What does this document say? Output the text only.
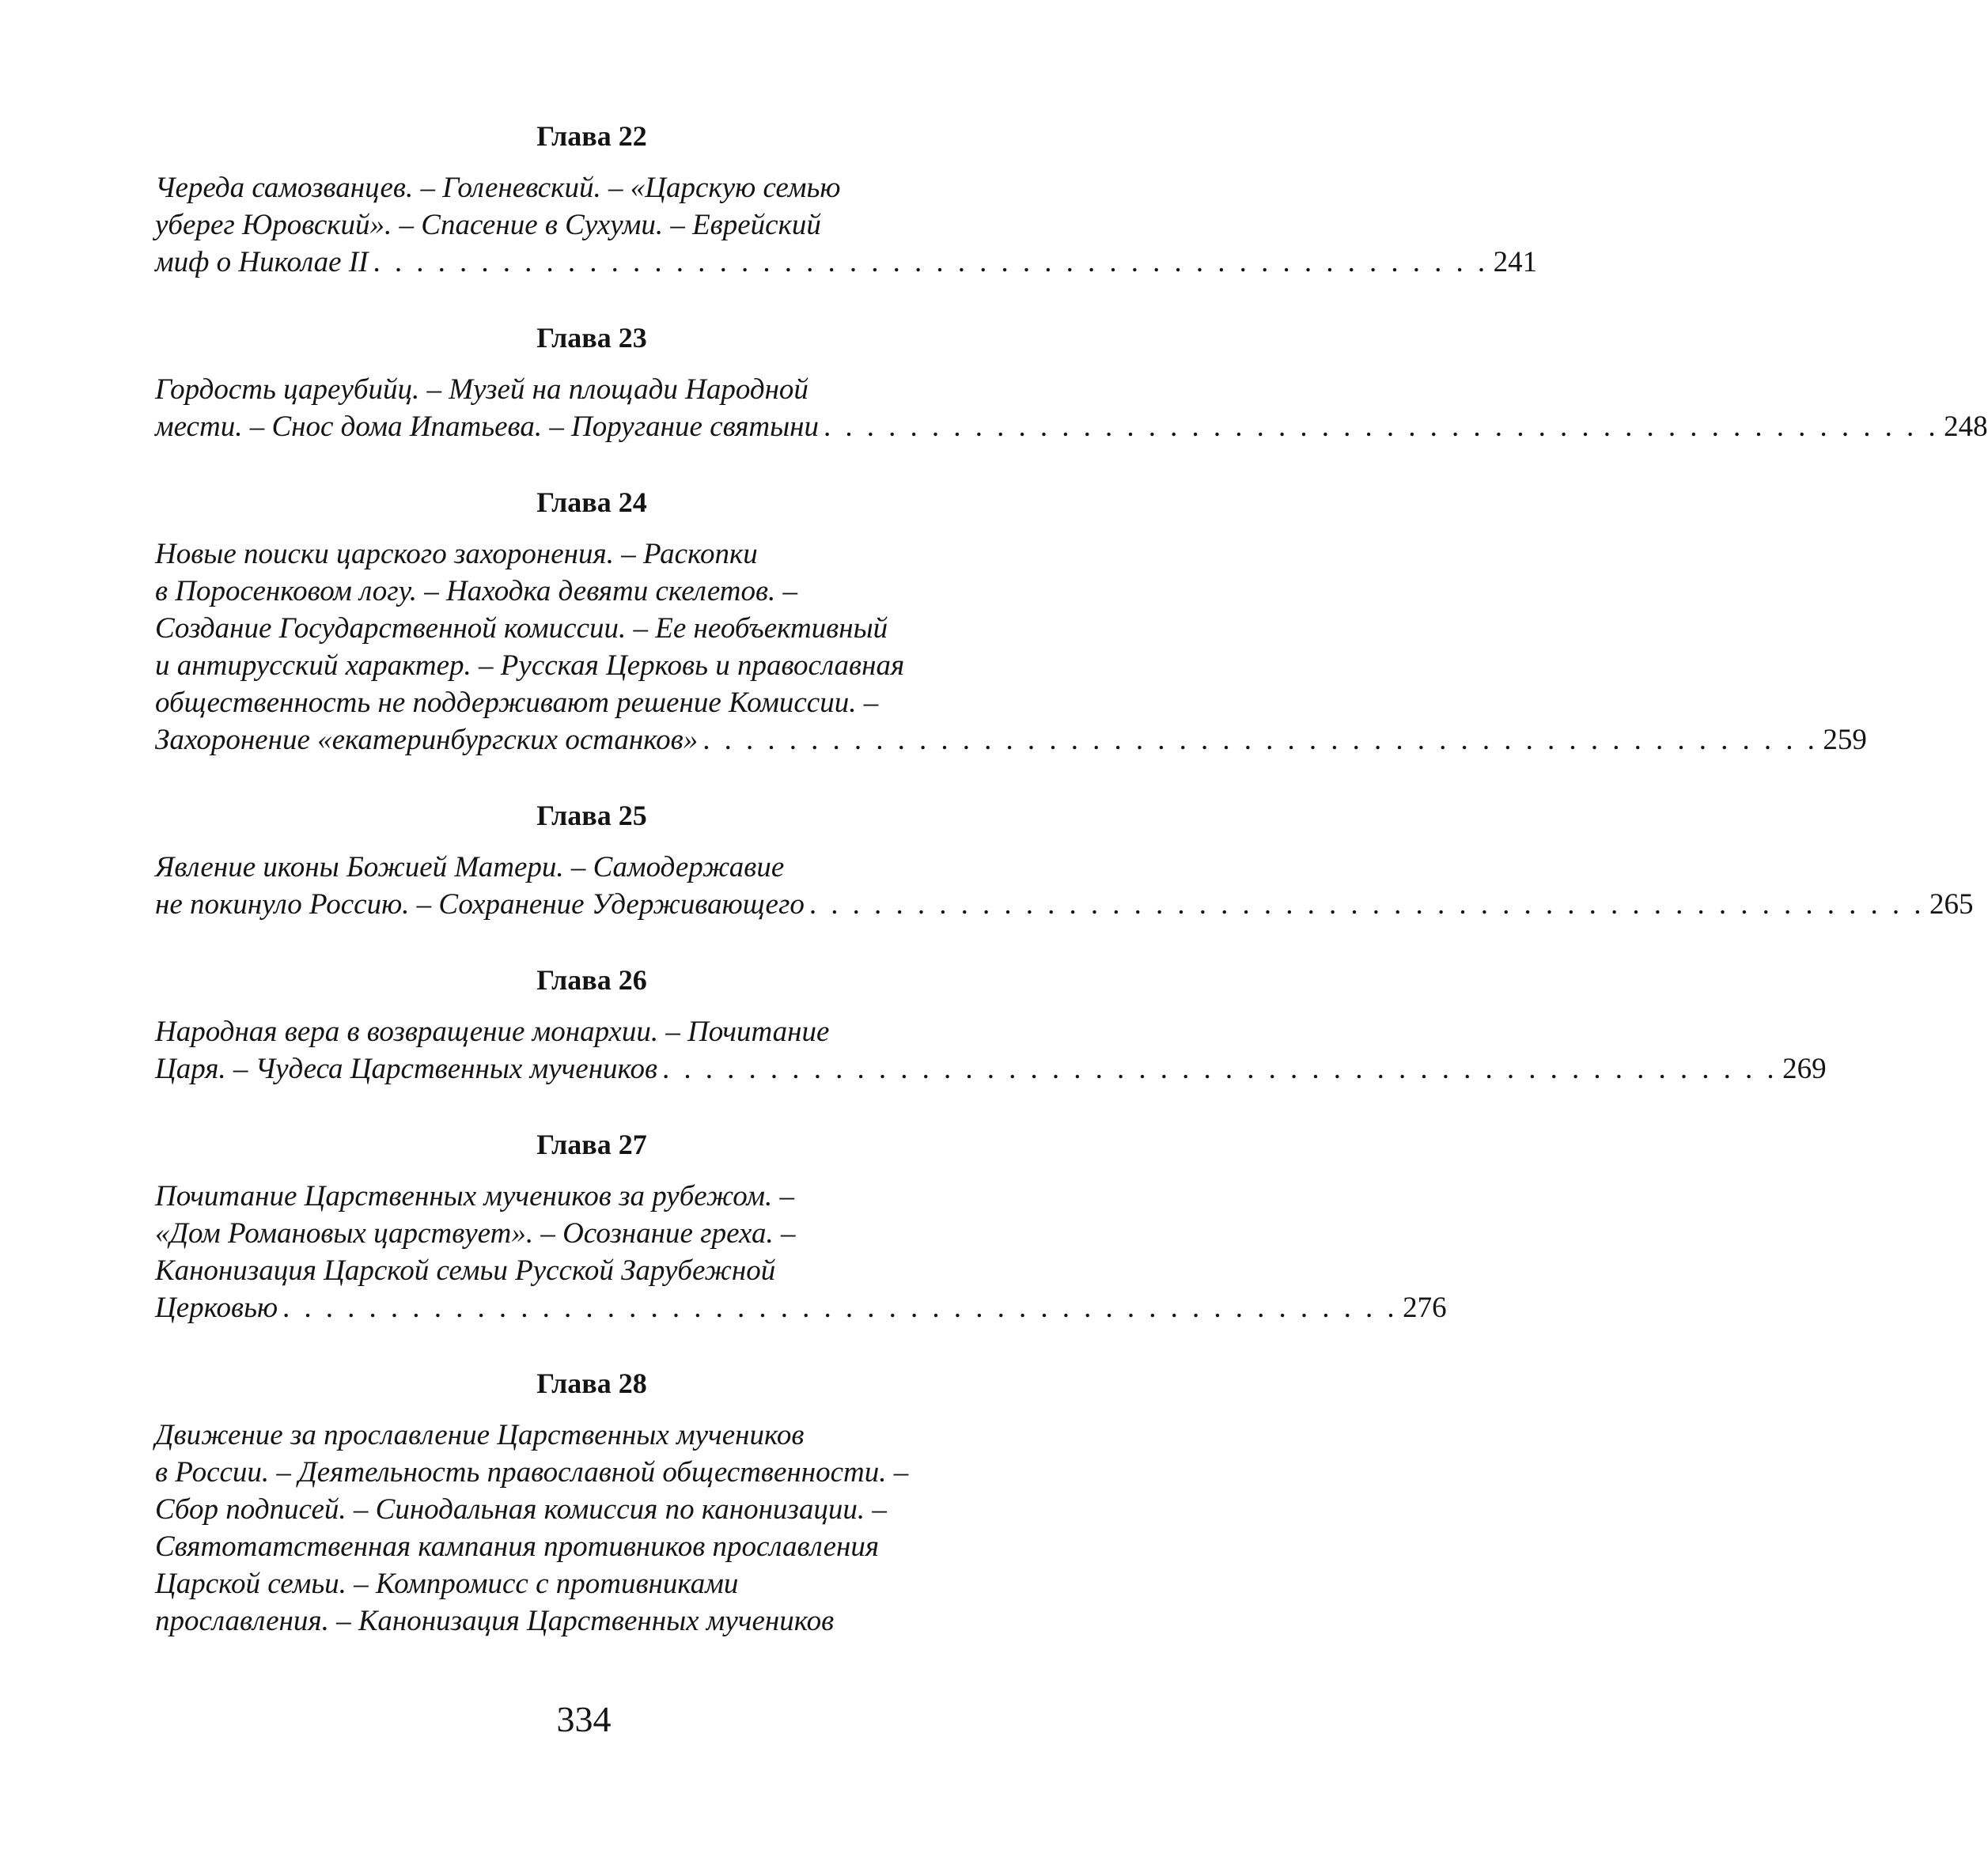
Глава 22
Череда самозванцев. – Голеневский. – «Царскую семью
уберег Юровский». – Спасение в Сухуми. – Еврейский
миф о Николае II . . . . . . . . . . . . . . . . . . . . . . . . . . . . . . . . . . . . . . . . . . . . . . . . . . . . 241
Глава 23
Гордость цареубийц. – Музей на площади Народной
мести. – Снос дома Ипатьева. – Поругание святыни . . . . . . . . . . . . . . . . . . . . . . . . . . . . . . . . . . . . . . . . . . . . . . . . . . . . 248
Глава 24
Новые поиски царского захоронения. – Раскопки
в Поросенковом логу. – Находка девяти скелетов. –
Создание Государственной комиссии. – Ее необъективный
и антирусский характер. – Русская Церковь и православная
общественность не поддерживают решение Комиссии. –
Захоронение «екатеринбургских останков» . . . . . . . . . . . . . . . . . . . . . . . . . . . . . . . . . . . . . . . . . . . . . . . . . . . . 259
Глава 25
Явление иконы Божией Матери. – Самодержавие
не покинуло Россию. – Сохранение Удерживающего . . . . . . . . . . . . . . . . . . . . . . . . . . . . . . . . . . . . . . . . . . . . . . . . . . . . 265
Глава 26
Народная вера в возвращение монархии. – Почитание
Царя. – Чудеса Царственных мучеников . . . . . . . . . . . . . . . . . . . . . . . . . . . . . . . . . . . . . . . . . . . . . . . . . . . . 269
Глава 27
Почитание Царственных мучеников за рубежом. –
«Дом Романовых царствует». – Осознание греха. –
Канонизация Царской семьи Русской Зарубежной
Церковью . . . . . . . . . . . . . . . . . . . . . . . . . . . . . . . . . . . . . . . . . . . . . . . . . . . . 276
Глава 28
Движение за прославление Царственных мучеников
в России. – Деятельность православной общественности. –
Сбор подписей. – Синодальная комиссия по канонизации. –
Святотатственная кампания противников прославления
Царской семьи. – Компромисс с противниками
прославления. – Канонизация Царственных мучеников
334
